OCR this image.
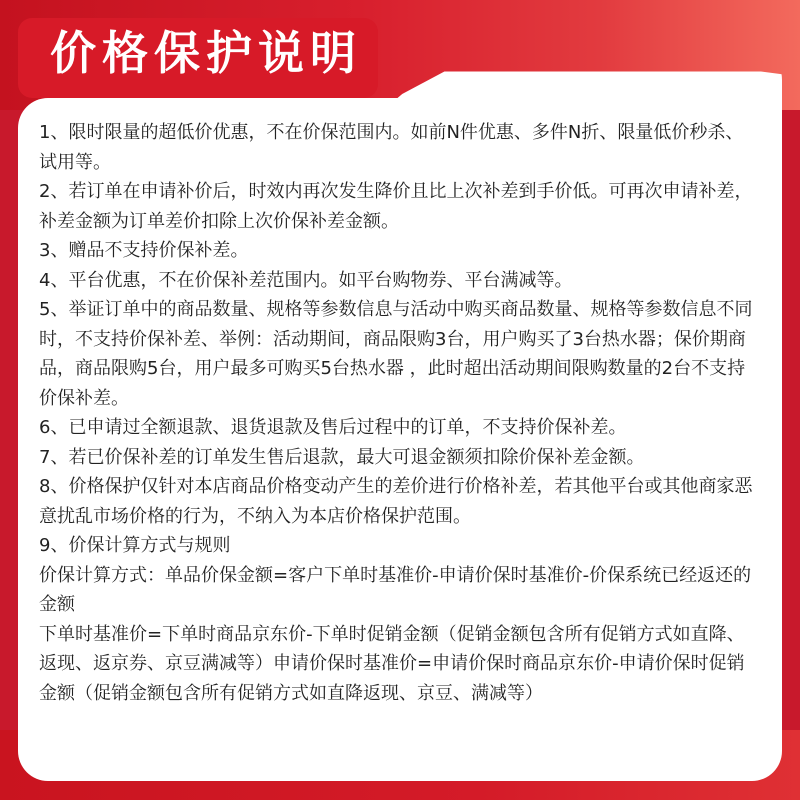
价格保护说明

1、限时限量的超低价优惠，不在价保范围内。如前N件优惠、多件N折、限量低价秒杀、试用等。

2、若订单在申请补价后，时效内再次发生降价且比上次补差到手价低。可再次申请补差，补差金额为订单差价扣除上次价保补差金额。

3、赠品不支持价保补差。

4、平台优惠，不在价保补差范围内。如平台购物券、平台满减等。

5、举证订单中的商品数量、规格等参数信息与活动中购买商品数量、规格等参数信息不同时，不支持价保补差、举例：活动期间，商品限购3台，用户购买了3台热水器；保价期商品，商品限购5台，用户最多可购买5台热水器 ，此时超出活动期间限购数量的2台不支持价保补差。

6、已申请过全额退款、退货退款及售后过程中的订单，不支持价保补差。

7、若已价保补差的订单发生售后退款，最大可退金额须扣除价保补差金额。

8、价格保护仅针对本店商品价格变动产生的差价进行价格补差，若其他平台或其他商家恶意扰乱市场价格的行为，不纳入为本店价格保护范围。

9、价保计算方式与规则

价保计算方式：单品价保金额=客户下单时基准价-申请价保时基准价-价保系统已经返还的金额

下单时基准价=下单时商品京东价-下单时促销金额（促销金额包含所有促销方式如直降、返现、返京券、京豆满减等）申请价保时基准价=申请价保时商品京东价-申请价保时促销金额（促销金额包含所有促销方式如直降返现、京豆、满减等）
